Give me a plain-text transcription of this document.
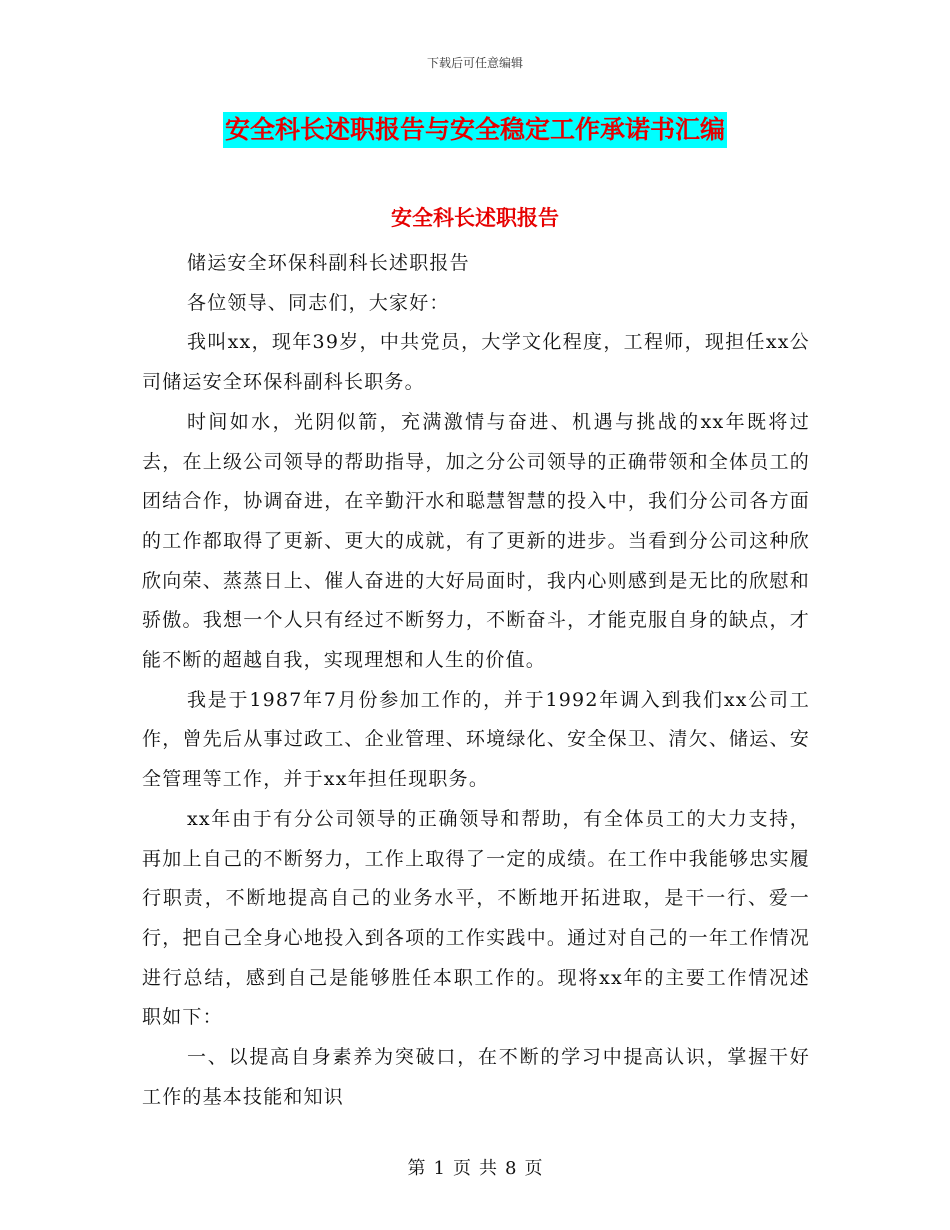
下载后可任意编辑
安全科长述职报告与安全稳定工作承诺书汇编
安全科长述职报告

储运安全环保科副科长述职报告

各位领导、同志们，大家好：

我叫xx，现年39岁，中共党员，大学文化程度，工程师，现担任xx公司储运安全环保科副科长职务。

时间如水，光阴似箭，充满激情与奋进、机遇与挑战的xx年既将过去，在上级公司领导的帮助指导，加之分公司领导的正确带领和全体员工的团结合作，协调奋进，在辛勤汗水和聪慧智慧的投入中，我们分公司各方面的工作都取得了更新、更大的成就，有了更新的进步。当看到分公司这种欣欣向荣、蒸蒸日上、催人奋进的大好局面时，我内心则感到是无比的欣慰和骄傲。我想一个人只有经过不断努力，不断奋斗，才能克服自身的缺点，才能不断的超越自我，实现理想和人生的价值。

我是于1987年7月份参加工作的，并于1992年调入到我们xx公司工作，曾先后从事过政工、企业管理、环境绿化、安全保卫、清欠、储运、安全管理等工作，并于xx年担任现职务。

xx年由于有分公司领导的正确领导和帮助，有全体员工的大力支持，再加上自己的不断努力，工作上取得了一定的成绩。在工作中我能够忠实履行职责，不断地提高自己的业务水平，不断地开拓进取，是干一行、爱一行，把自己全身心地投入到各项的工作实践中。通过对自己的一年工作情况进行总结，感到自己是能够胜任本职工作的。现将xx年的主要工作情况述职如下：

一、以提高自身素养为突破口，在不断的学习中提高认识，掌握干好工作的基本技能和知识

第 1 页 共 8 页
